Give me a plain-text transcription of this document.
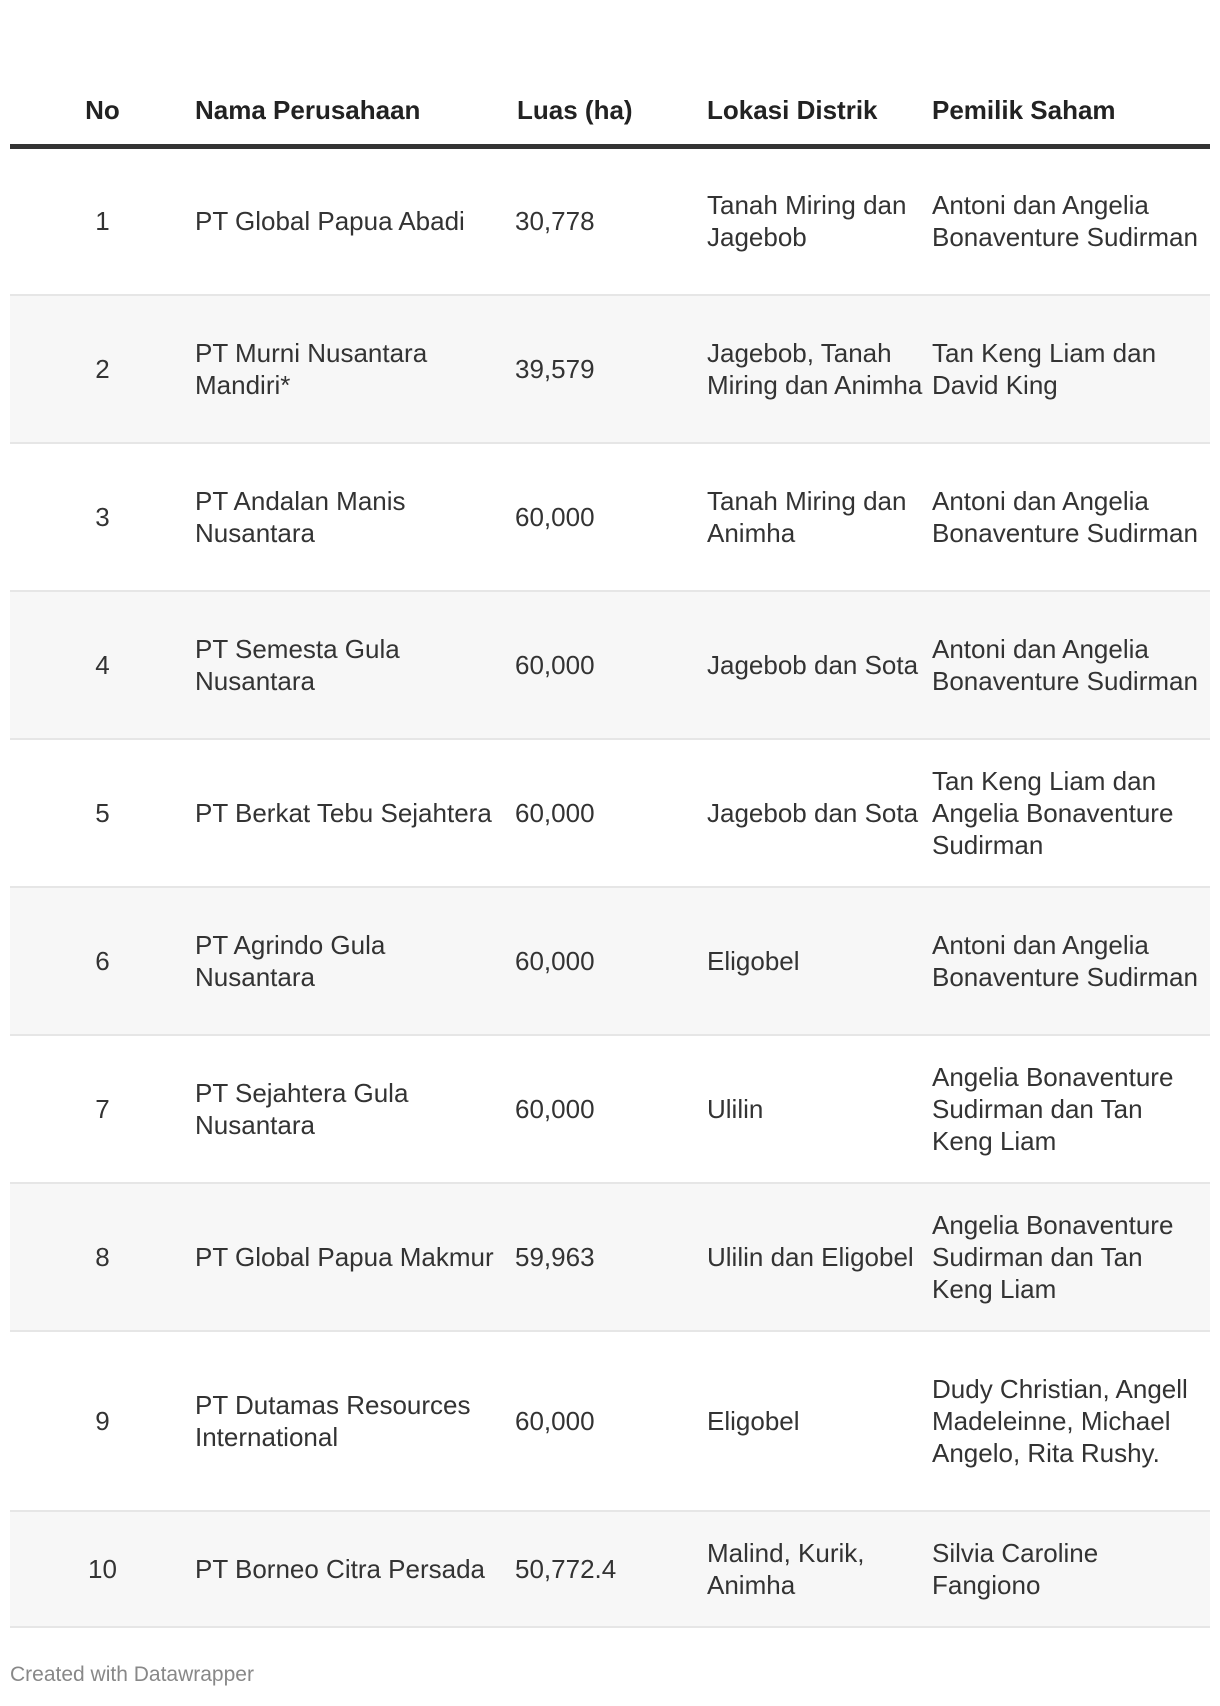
No	Nama Perusahaan	Luas (ha)	Lokasi Distrik	Pemilik Saham
1	PT Global Papua Abadi	30,778	Tanah Miring dan Jagebob	Antoni dan Angelia Bonaventure Sudirman
2	PT Murni Nusantara Mandiri*	39,579	Jagebob, Tanah Miring dan Animha	Tan Keng Liam dan David King
3	PT Andalan Manis Nusantara	60,000	Tanah Miring dan Animha	Antoni dan Angelia Bonaventure Sudirman
4	PT Semesta Gula Nusantara	60,000	Jagebob dan Sota	Antoni dan Angelia Bonaventure Sudirman
5	PT Berkat Tebu Sejahtera	60,000	Jagebob dan Sota	Tan Keng Liam dan Angelia Bonaventure Sudirman
6	PT Agrindo Gula Nusantara	60,000	Eligobel	Antoni dan Angelia Bonaventure Sudirman
7	PT Sejahtera Gula Nusantara	60,000	Ulilin	Angelia Bonaventure Sudirman dan Tan Keng Liam
8	PT Global Papua Makmur	59,963	Ulilin dan Eligobel	Angelia Bonaventure Sudirman dan Tan Keng Liam
9	PT Dutamas Resources International	60,000	Eligobel	Dudy Christian, Angell Madeleinne, Michael Angelo, Rita Rushy.
10	PT Borneo Citra Persada	50,772.4	Malind, Kurik, Animha	Silvia Caroline Fangiono
Created with Datawrapper
